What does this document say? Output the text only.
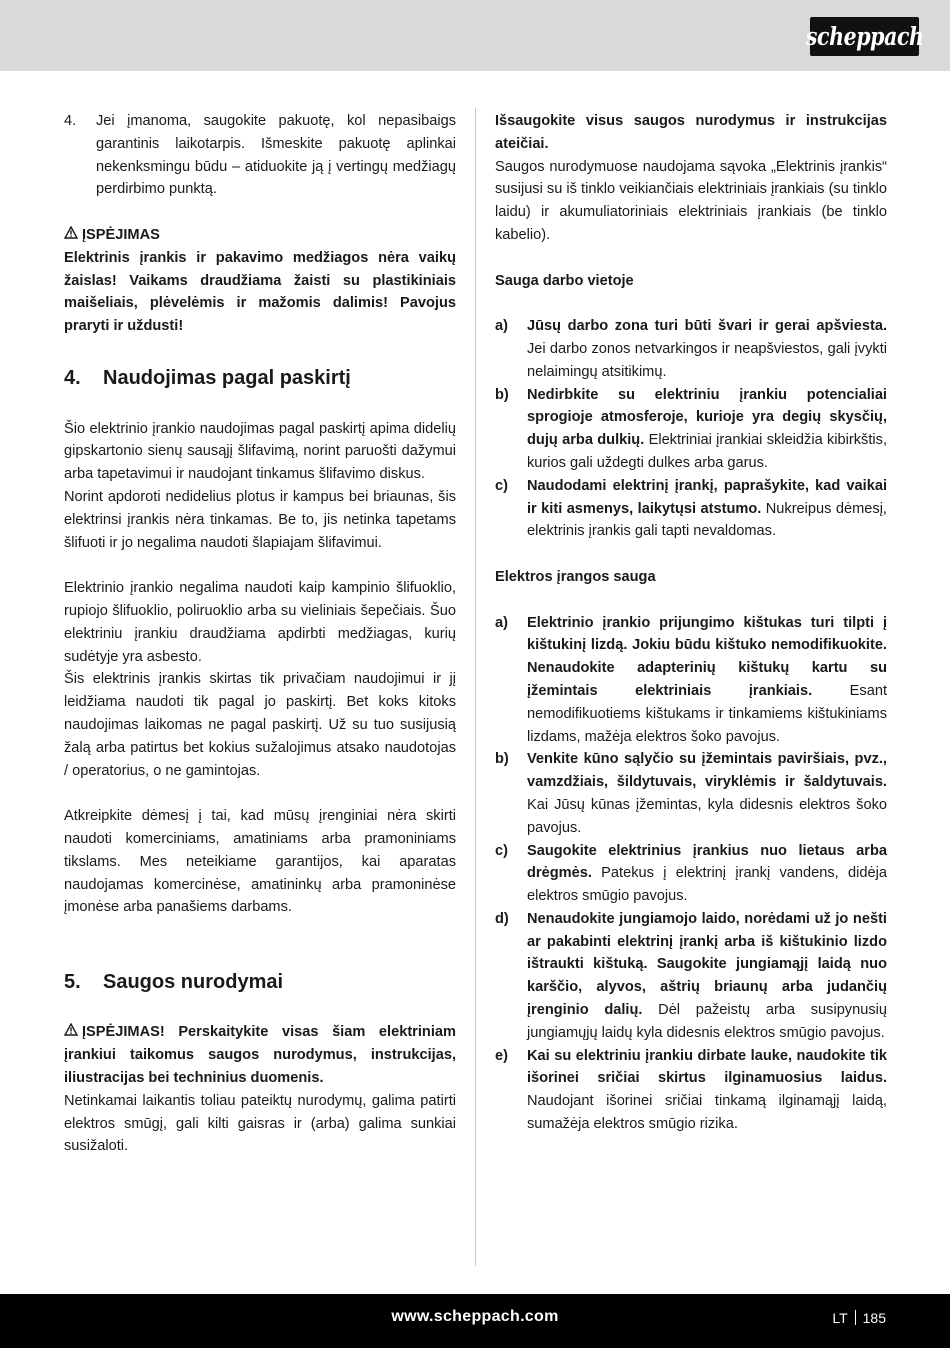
scheppach
4.	Jei įmanoma, saugokite pakuotę, kol nepasibaigs garantinis laikotarpis. Išmeskite pakuotę aplinkai nekenksmingu būdu – atiduokite ją į vertingų medžiagų perdirbimo punktą.

ĮSPĖJIMAS

Elektrinis įrankis ir pakavimo medžiagos nėra vaikų žaislas! Vaikams draudžiama žaisti su plastikiniais maišeliais, plėvelėmis ir mažomis dalimis! Pavojus praryti ir uždusti!

4.	Naudojimas pagal paskirtį

Šio elektrinio įrankio naudojimas pagal paskirtį apima didelių gipskartonio sienų sausąjį šlifavimą, norint paruošti dažymui arba tapetavimui ir naudojant tinkamus šlifavimo diskus.

Norint apdoroti nedidelius plotus ir kampus bei briaunas, šis elektrinsi įrankis nėra tinkamas. Be to, jis netinka tapetams šlifuoti ir jo negalima naudoti šlapiajam šlifavimui.

Elektrinio įrankio negalima naudoti kaip kampinio šlifuoklio, rupiojo šlifuoklio, poliruoklio arba su vieliniais šepečiais. Šuo elektriniu įrankiu draudžiama apdirbti medžiagas, kurių sudėtyje yra asbesto.

Šis elektrinis įrankis skirtas tik privačiam naudojimui ir jį leidžiama naudoti tik pagal jo paskirtį. Bet koks kitoks naudojimas laikomas ne pagal paskirtį. Už su tuo susijusią žalą arba patirtus bet kokius sužalojimus atsako naudotojas / operatorius, o ne gamintojas.

Atkreipkite dėmesį į tai, kad mūsų įrenginiai nėra skirti naudoti komerciniams, amatiniams arba pramoniniams tikslams. Mes neteikiame garantijos, kai aparatas naudojamas komercinėse, amatininkų arba pramoninėse įmonėse arba panašiems darbams.

5.	Saugos nurodymai

ĮSPĖJIMAS! Perskaitykite visas šiam elektriniam įrankiui taikomus saugos nurodymus, instrukcijas, iliustracijas bei techninius duomenis.

Netinkamai laikantis toliau pateiktų nurodymų, galima patirti elektros smūgį, gali kilti gaisras ir (arba) galima sunkiai susižaloti.

Išsaugokite visus saugos nurodymus ir instrukcijas ateičiai.

Saugos nurodymuose naudojama sąvoka „Elektrinis įrankis“ susijusi su iš tinklo veikiančiais elektriniais įrankiais (su tinklo laidu) ir akumuliatoriniais elektriniais įrankiais (be tinklo kabelio).

Sauga darbo vietoje

a)	Jūsų darbo zona turi būti švari ir gerai apšviesta. Jei darbo zonos netvarkingos ir neapšviestos, gali įvykti nelaimingų atsitikimų.
b)	Nedirbkite su elektriniu įrankiu potencialiai sprogioje atmosferoje, kurioje yra degių skysčių, dujų arba dulkių. Elektriniai įrankiai skleidžia kibirkštis, kurios gali uždegti dulkes arba garus.
c)	Naudodami elektrinį įrankį, paprašykite, kad vaikai ir kiti asmenys, laikytųsi atstumo. Nukreipus dėmesį, elektrinis įrankis gali tapti nevaldomas.

Elektros įrangos sauga

a)	Elektrinio įrankio prijungimo kištukas turi tilpti į kištukinį lizdą. Jokiu būdu kištuko nemodifikuokite. Nenaudokite adapterinių kištukų kartu su įžemintais elektriniais įrankiais. Esant nemodifikuotiems kištukams ir tinkamiems kištukiniams lizdams, mažėja elektros šoko pavojus.
b)	Venkite kūno sąlyčio su įžemintais paviršiais, pvz., vamzdžiais, šildytuvais, viryklėmis ir šaldytuvais. Kai Jūsų kūnas įžemintas, kyla didesnis elektros šoko pavojus.
c)	Saugokite elektrinius įrankius nuo lietaus arba drėgmės. Patekus į elektrinį įrankį vandens, didėja elektros smūgio pavojus.
d)	Nenaudokite jungiamojo laido, norėdami už jo nešti ar pakabinti elektrinį įrankį arba iš kištukinio lizdo ištraukti kištuką. Saugokite jungiamąjį laidą nuo karščio, alyvos, aštrių briaunų arba judančių įrenginio dalių. Dėl pažeistų arba susipynusių jungiamųjų laidų kyla didesnis elektros smūgio pavojus.
e)	Kai su elektriniu įrankiu dirbate lauke, naudokite tik išorinei sričiai skirtus ilginamuosius laidus. Naudojant išorinei sričiai tinkamą ilginamąjį laidą, sumažėja elektros smūgio rizika.
www.scheppach.com	LT 185
